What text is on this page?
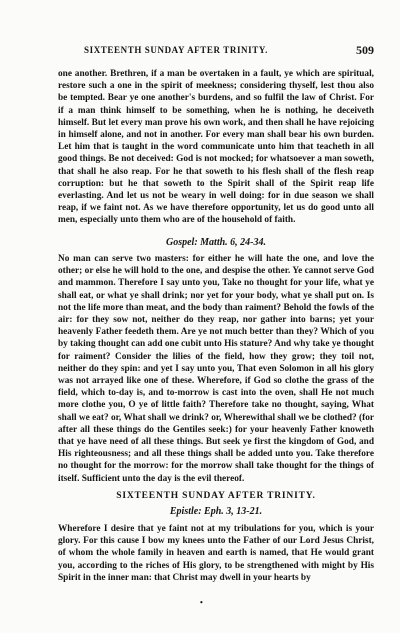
SIXTEENTH SUNDAY AFTER TRINITY.	509

one another. Brethren, if a man be overtaken in a fault, ye which are spiritual, restore such a one in the spirit of meekness; considering thyself, lest thou also be tempted. Bear ye one another's burdens, and so fulfil the law of Christ. For if a man think himself to be something, when he is nothing, he deceiveth himself. But let every man prove his own work, and then shall he have rejoicing in himself alone, and not in another. For every man shall bear his own burden. Let him that is taught in the word communicate unto him that teacheth in all good things. Be not deceived: God is not mocked; for whatsoever a man soweth, that shall he also reap. For he that soweth to his flesh shall of the flesh reap corruption: but he that soweth to the Spirit shall of the Spirit reap life everlasting. And let us not be weary in well doing: for in due season we shall reap, if we faint not. As we have therefore opportunity, let us do good unto all men, especially unto them who are of the household of faith.

Gospel: Matth. 6, 24-34.

No man can serve two masters: for either he will hate the one, and love the other; or else he will hold to the one, and despise the other. Ye cannot serve God and mammon. Therefore I say unto you, Take no thought for your life, what ye shall eat, or what ye shall drink; nor yet for your body, what ye shall put on. Is not the life more than meat, and the body than raiment? Behold the fowls of the air: for they sow not, neither do they reap, nor gather into barns; yet your heavenly Father feedeth them. Are ye not much better than they? Which of you by taking thought can add one cubit unto His stature? And why take ye thought for raiment? Consider the lilies of the field, how they grow; they toil not, neither do they spin: and yet I say unto you, That even Solomon in all his glory was not arrayed like one of these. Wherefore, if God so clothe the grass of the field, which to-day is, and to-morrow is cast into the oven, shall He not much more clothe you, O ye of little faith? Therefore take no thought, saying, What shall we eat? or, What shall we drink? or, Wherewithal shall we be clothed? (for after all these things do the Gentiles seek:) for your heavenly Father knoweth that ye have need of all these things. But seek ye first the kingdom of God, and His righteousness; and all these things shall be added unto you. Take therefore no thought for the morrow: for the morrow shall take thought for the things of itself. Sufficient unto the day is the evil thereof.

SIXTEENTH SUNDAY AFTER TRINITY.
Epistle: Eph. 3, 13-21.

Wherefore I desire that ye faint not at my tribulations for you, which is your glory. For this cause I bow my knees unto the Father of our Lord Jesus Christ, of whom the whole family in heaven and earth is named, that He would grant you, according to the riches of His glory, to be strengthened with might by His Spirit in the inner man: that Christ may dwell in your hearts by

•
